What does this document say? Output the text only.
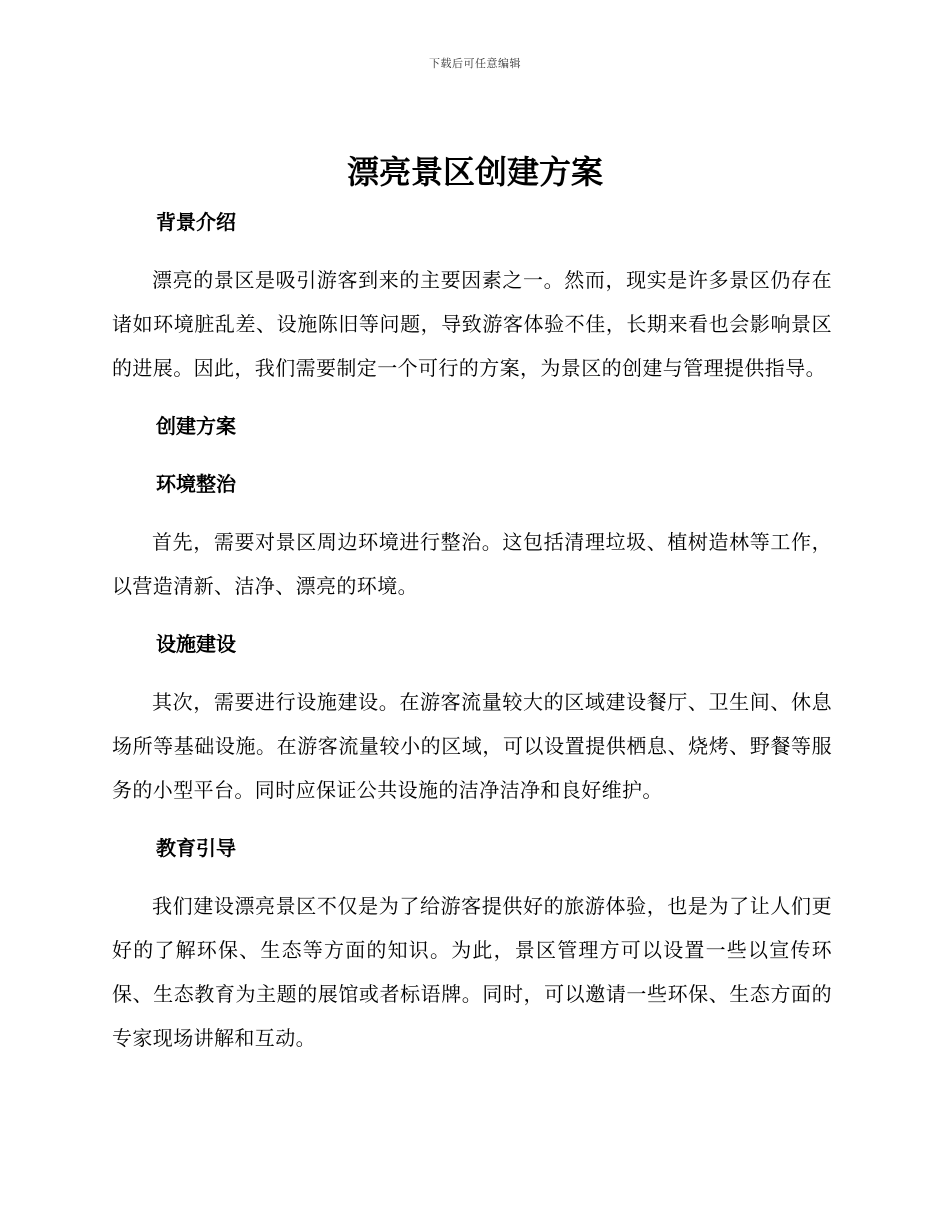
下载后可任意编辑
漂亮景区创建方案
背景介绍

漂亮的景区是吸引游客到来的主要因素之一。然而，现实是许多景区仍存在诸如环境脏乱差、设施陈旧等问题，导致游客体验不佳，长期来看也会影响景区的进展。因此，我们需要制定一个可行的方案，为景区的创建与管理提供指导。

创建方案
环境整治

首先，需要对景区周边环境进行整治。这包括清理垃圾、植树造林等工作，以营造清新、洁净、漂亮的环境。

设施建设

其次，需要进行设施建设。在游客流量较大的区域建设餐厅、卫生间、休息场所等基础设施。在游客流量较小的区域，可以设置提供栖息、烧烤、野餐等服务的小型平台。同时应保证公共设施的洁净洁净和良好维护。

教育引导

我们建设漂亮景区不仅是为了给游客提供好的旅游体验，也是为了让人们更好的了解环保、生态等方面的知识。为此，景区管理方可以设置一些以宣传环保、生态教育为主题的展馆或者标语牌。同时，可以邀请一些环保、生态方面的专家现场讲解和互动。
